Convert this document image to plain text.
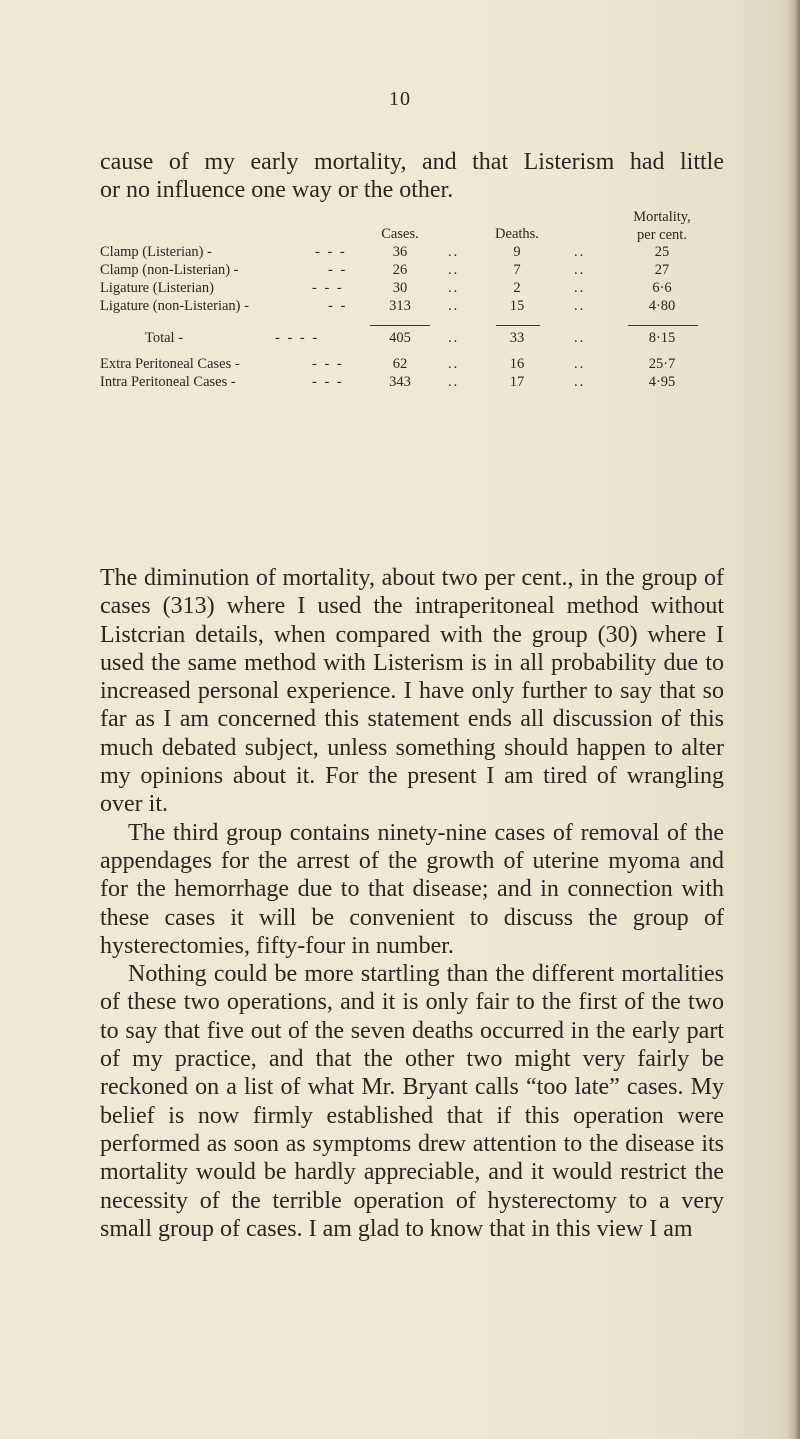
10
cause of my early mortality, and that Listerism had little
or no influence one way or the other.
Cases.	Deaths.
Mortality,
per cent.
Clamp (Listerian) -	- - -	36	..	9	..	25
Clamp (non-Listerian) -	- -	26	..	7	..	27
Ligature (Listerian)	- - -	30	..	2	..	6·6
Ligature (non-Listerian) -	- -	313	..	15	..	4·80
Total -	- - - -	405	..	33	..	8·15
Extra Peritoneal Cases -	- - -	62	..	16	..	25·7
Intra Peritoneal Cases -	- - -	343	..	17	..	4·95

The diminution of mortality, about two per cent., in the group of cases (313) where I used the intraperitoneal method without Listcrian details, when compared with the group (30) where I used the same method with Listerism is in all probability due to increased personal experience. I have only further to say that so far as I am concerned this statement ends all discussion of this much debated subject, unless something should happen to alter my opinions about it. For the present I am tired of wrangling over it.

The third group contains ninety-nine cases of removal of the appendages for the arrest of the growth of uterine myoma and for the hemorrhage due to that disease; and in connection with these cases it will be convenient to discuss the group of hysterectomies, fifty-four in number.

Nothing could be more startling than the different mortalities of these two operations, and it is only fair to the first of the two to say that five out of the seven deaths occurred in the early part of my practice, and that the other two might very fairly be reckoned on a list of what Mr. Bryant calls “too late” cases. My belief is now firmly established that if this operation were performed as soon as symptoms drew attention to the disease its mortality would be hardly appreciable, and it would restrict the necessity of the terrible operation of hysterectomy to a very small group of cases. I am glad to know that in this view I am
